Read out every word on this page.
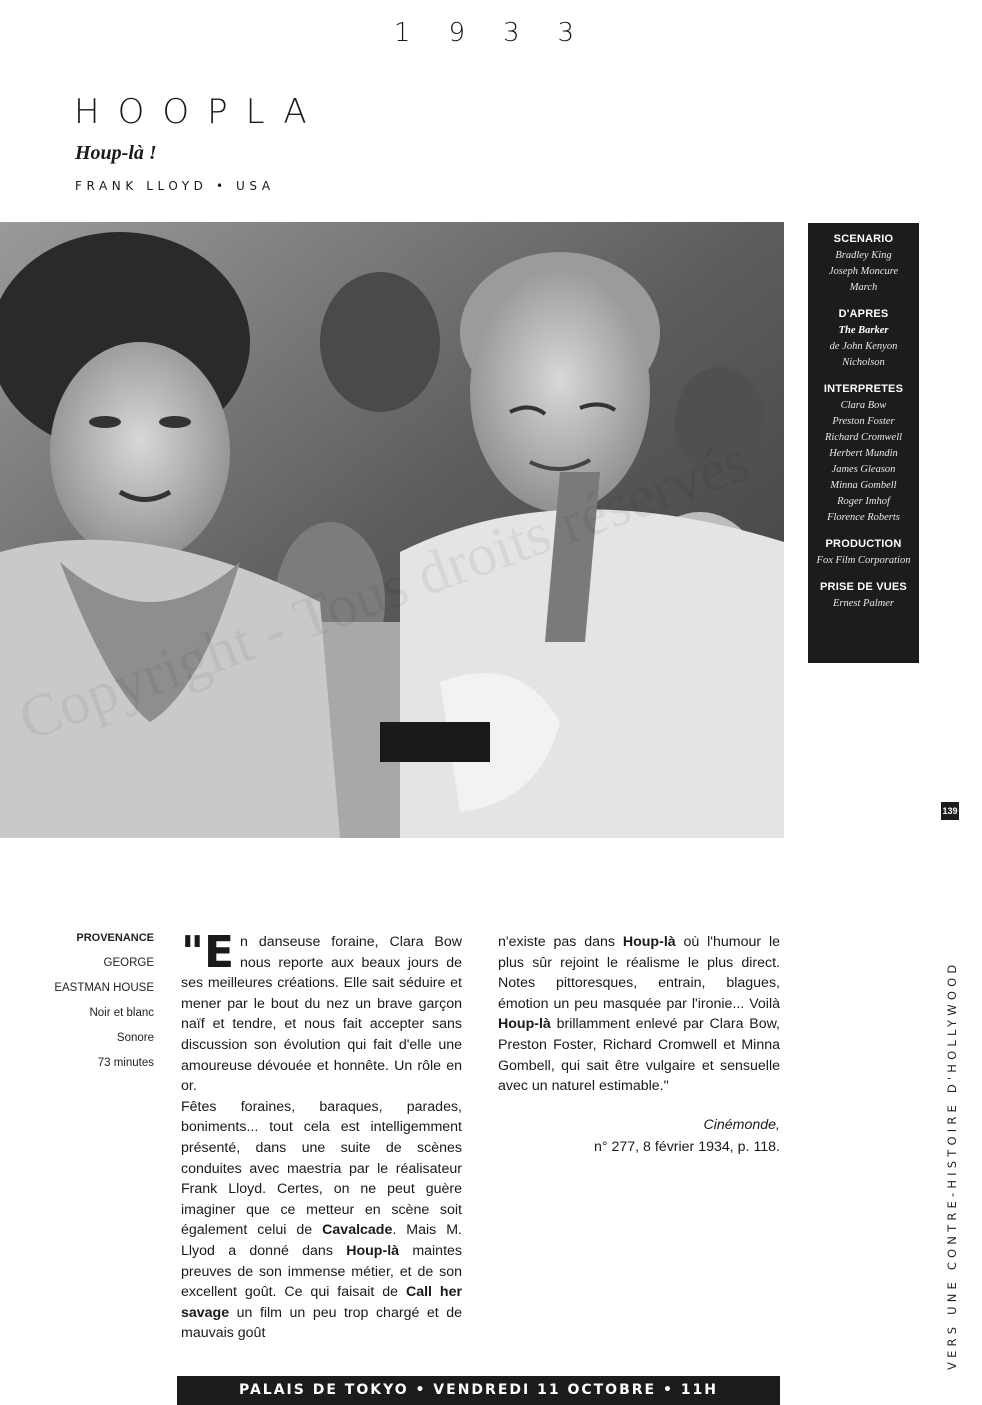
1933
HOOPLA
Houp-là !
FRANK LLOYD • USA
SCENARIO
Bradley King
Joseph Moncure
March
D'APRES
The Barker
de John Kenyon
Nicholson
INTERPRETES
Clara Bow
Preston Foster
Richard Cromwell
Herbert Mundin
James Gleason
Minna Gombell
Roger Imhof
Florence Roberts
PRODUCTION
Fox Film Corporation
PRISE DE VUES
Ernest Palmer
139
VERS UNE CONTRE-HISTOIRE D'HOLLYWOOD
PROVENANCE
GEORGE
EASTMAN HOUSE
Noir et blanc
Sonore
73 minutes

"E n danseuse foraine, Clara Bow nous reporte aux beaux jours de ses meilleures créations. Elle sait séduire et mener par le bout du nez un brave garçon naïf et tendre, et nous fait accepter sans discussion son évolution qui fait d'elle une amoureuse dévouée et honnête. Un rôle en or.

Fêtes foraines, baraques, parades, boniments... tout cela est intelligemment présenté, dans une suite de scènes conduites avec maestria par le réalisateur Frank Lloyd. Certes, on ne peut guère imaginer que ce metteur en scène soit également celui de Cavalcade. Mais M. Llyod a donné dans Houp-là maintes preuves de son immense métier, et de son excellent goût. Ce qui faisait de Call her savage un film un peu trop chargé et de mauvais goût

n'existe pas dans Houp-là où l'humour le plus sûr rejoint le réalisme le plus direct. Notes pittoresques, entrain, blagues, émotion un peu masquée par l'ironie... Voilà Houp-là brillamment enlevé par Clara Bow, Preston Foster, Richard Cromwell et Minna Gombell, qui sait être vulgaire et sensuelle avec un naturel estimable."

Cinémonde,
n° 277, 8 février 1934, p. 118.
PALAIS DE TOKYO • VENDREDI 11 OCTOBRE • 11H
